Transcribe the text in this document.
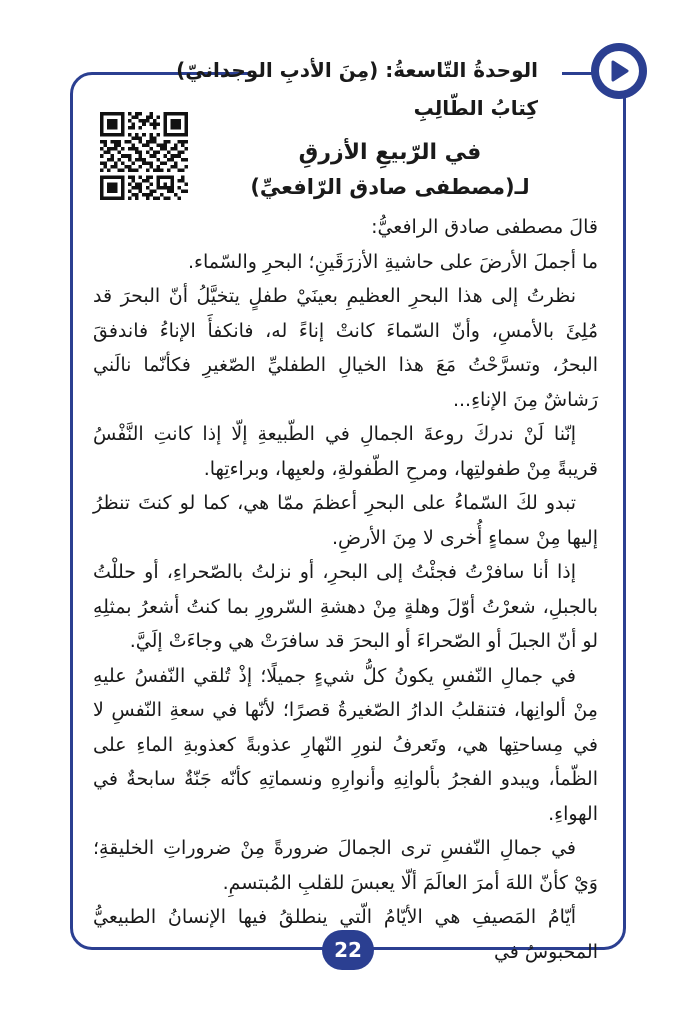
الوحدةُ التّاسعةُ: (مِنَ الأدبِ الوجدانيّ)
كِتابُ الطّالِبِ
في الرّبيعِ الأزرقِ
لـ(مصطفى صادق الرّافعيِّ)

قالَ مصطفى صادق الرافعيُّ:

ما أجملَ الأرضَ على حاشيةِ الأزرَقَينِ؛ البحرِ والسّماء.

نظرتُ إلى هذا البحرِ العظيمِ بعينَيْ طفلٍ يتخيَّلُ أنّ البحرَ قد مُلِئَ بالأمسِ، وأنّ السّماءَ كانتْ إناءً له، فانكفأَ الإناءُ فاندفقَ البحرُ، وتسرَّحْتُ مَعَ هذا الخيالِ الطفليِّ الصّغيرِ فكأنّما نالَني رَشاشٌ مِنَ الإناءِ...

إنّنا لَنْ ندركَ روعةَ الجمالِ في الطّبيعةِ إلّا إذا كانتِ النَّفْسُ قريبةً مِنْ طفولتِها، ومرحِ الطّفولةِ، ولعبِها، وبراءتِها.

تبدو لكَ السّماءُ على البحرِ أعظمَ ممّا هي، كما لو كنتَ تنظرُ إليها مِنْ سماءٍ أُخرى لا مِنَ الأرضِ.

إذا أنا سافرْتُ فجئْتُ إلى البحرِ، أو نزلتُ بالصّحراءِ، أو حللْتُ بالجبلِ، شعرْتُ أوّلَ وهلةٍ مِنْ دهشةِ السّرورِ بما كنتُ أشعرُ بمثلِهِ لو أنّ الجبلَ أو الصّحراءَ أو البحرَ قد سافرَتْ هي وجاءَتْ إلَيَّ.

في جمالِ النّفسِ يكونُ كلُّ شيءٍ جميلًا؛ إذْ تُلقي النّفسُ عليهِ مِنْ ألوانِها، فتنقلبُ الدارُ الصّغيرةُ قصرًا؛ لأنّها في سعةِ النّفسِ لا في مِساحتِها هي، وتَعرفُ لنورِ النّهارِ عذوبةً كعذوبةِ الماءِ على الظّمأ، ويبدو الفجرُ بألوانِهِ وأنوارِهِ ونسماتِهِ كأنّه جَنّةٌ سابحةٌ في الهواءِ.

في جمالِ النّفسِ ترى الجمالَ ضرورةً مِنْ ضروراتِ الخليقةِ؛ وَيْ كأنّ اللهَ أمرَ العالَمَ ألّا يعبسَ للقلبِ المُبتسمِ.

أيّامُ المَصيفِ هي الأيّامُ الّتي ينطلقُ فيها الإنسانُ الطبيعيُّ المحبوسُ في

22
